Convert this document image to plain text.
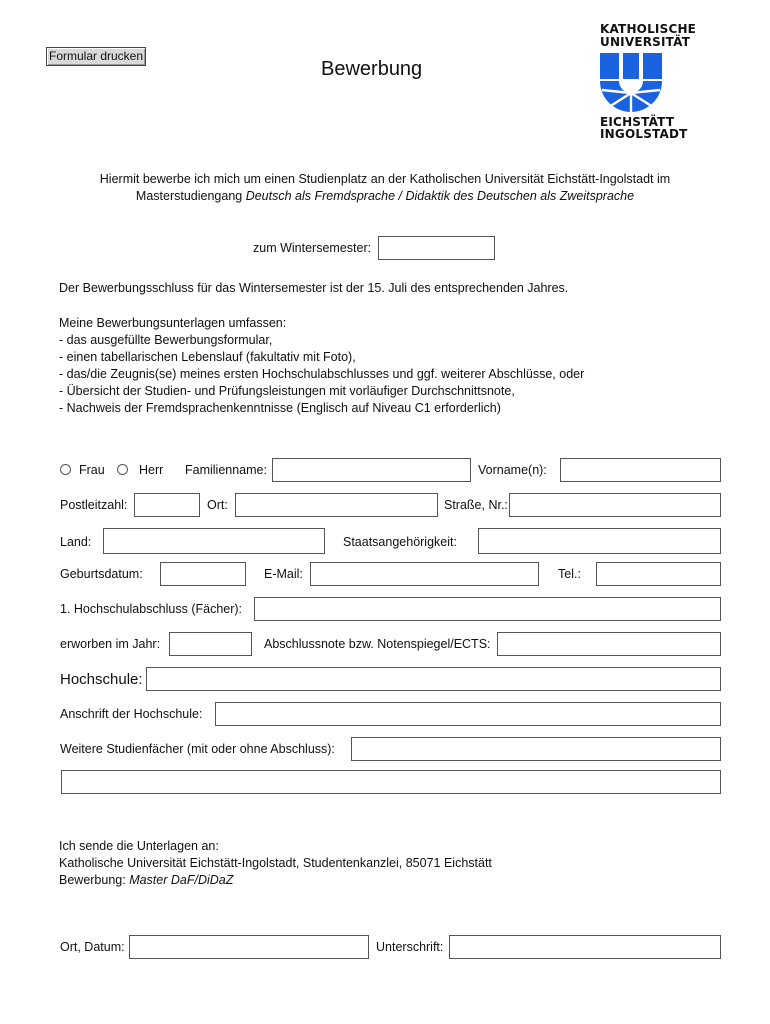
Formular drucken
Bewerbung
KATHOLISCHE
UNIVERSITÄT
EICHSTÄTT
INGOLSTADT
Hiermit bewerbe ich mich um einen Studienplatz an der Katholischen Universität Eichstätt-Ingolstadt im
Masterstudiengang Deutsch als Fremdsprache / Didaktik des Deutschen als Zweitsprache
zum Wintersemester:
Der Bewerbungsschluss für das Wintersemester ist der 15. Juli des entsprechenden Jahres.
Meine Bewerbungsunterlagen umfassen:
- das ausgefüllte Bewerbungsformular,
- einen tabellarischen Lebenslauf (fakultativ mit Foto),
- das/die Zeugnis(se) meines ersten Hochschulabschlusses und ggf. weiterer Abschlüsse, oder
- Übersicht der Studien- und Prüfungsleistungen mit vorläufiger Durchschnittsnote,
- Nachweis der Fremdsprachenkenntnisse (Englisch auf Niveau C1 erforderlich)
Frau	Herr Familienname:	Vorname(n):
Postleitzahl:	Ort:	Straße, Nr.:
Land:	Staatsangehörigkeit:
Geburtsdatum:	E-Mail:	Tel.:
1. Hochschulabschluss (Fächer):
erworben im Jahr:	Abschlussnote bzw. Notenspiegel/ECTS:
Hochschule:
Anschrift der Hochschule:
Weitere Studienfächer (mit oder ohne Abschluss):
Ich sende die Unterlagen an:
Katholische Universität Eichstätt-Ingolstadt, Studentenkanzlei, 85071 Eichstätt
Bewerbung: Master DaF/DiDaZ
Ort, Datum:	Unterschrift:
